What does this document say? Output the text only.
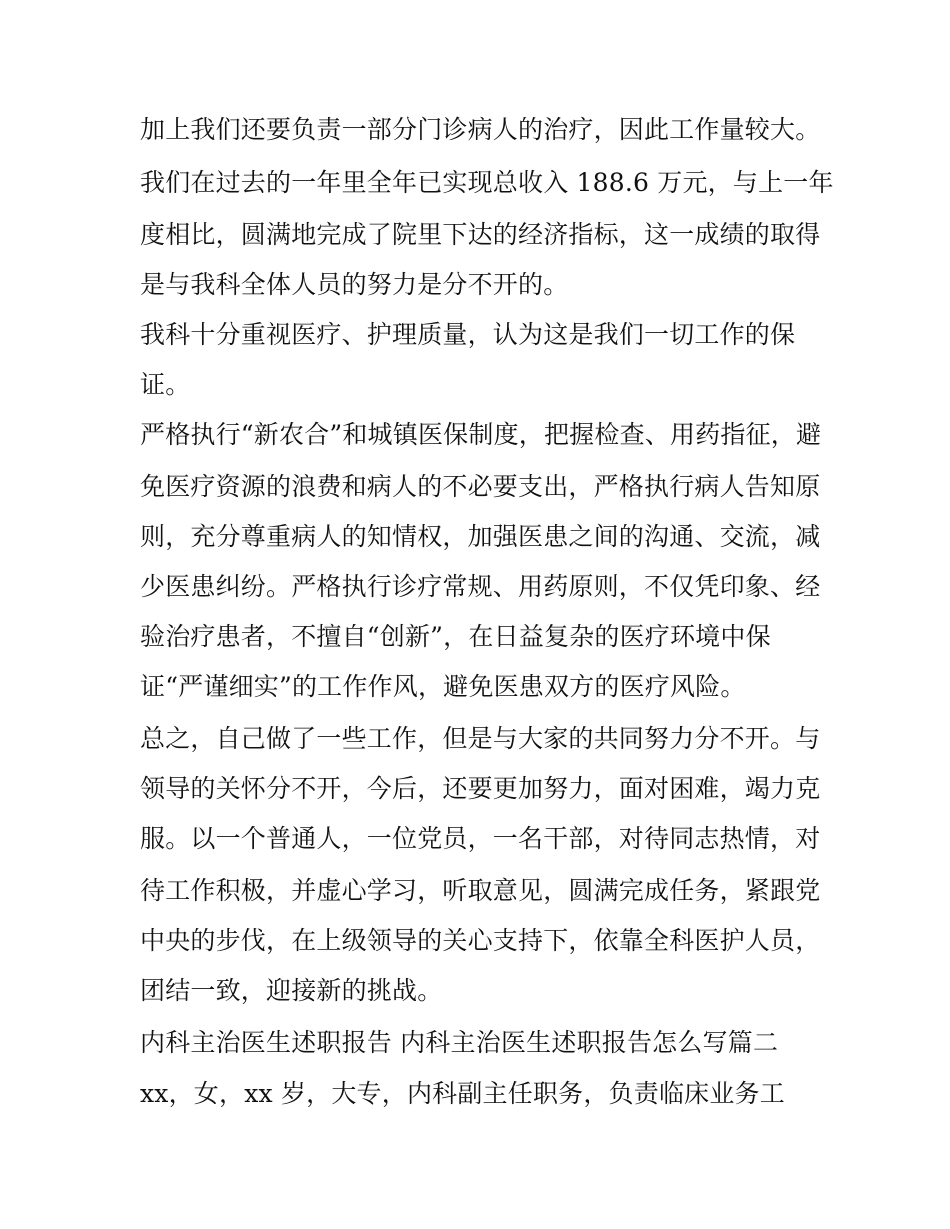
加上我们还要负责一部分门诊病人的治疗，因此工作量较大。
我们在过去的一年里全年已实现总收入 188.6 万元，与上一年
度相比，圆满地完成了院里下达的经济指标，这一成绩的取得
是与我科全体人员的努力是分不开的。
我科十分重视医疗、护理质量，认为这是我们一切工作的保
证。
严格执行“新农合”和城镇医保制度，把握检查、用药指征，避
免医疗资源的浪费和病人的不必要支出，严格执行病人告知原
则，充分尊重病人的知情权，加强医患之间的沟通、交流，减
少医患纠纷。严格执行诊疗常规、用药原则，不仅凭印象、经
验治疗患者，不擅自“创新”，在日益复杂的医疗环境中保
证“严谨细实”的工作作风，避免医患双方的医疗风险。
总之，自己做了一些工作，但是与大家的共同努力分不开。与
领导的关怀分不开，今后，还要更加努力，面对困难，竭力克
服。以一个普通人，一位党员，一名干部，对待同志热情，对
待工作积极，并虚心学习，听取意见，圆满完成任务，紧跟党
中央的步伐，在上级领导的关心支持下，依靠全科医护人员，
团结一致，迎接新的挑战。
内科主治医生述职报告 内科主治医生述职报告怎么写篇二
xx，女，xx 岁，大专，内科副主任职务，负责临床业务工
